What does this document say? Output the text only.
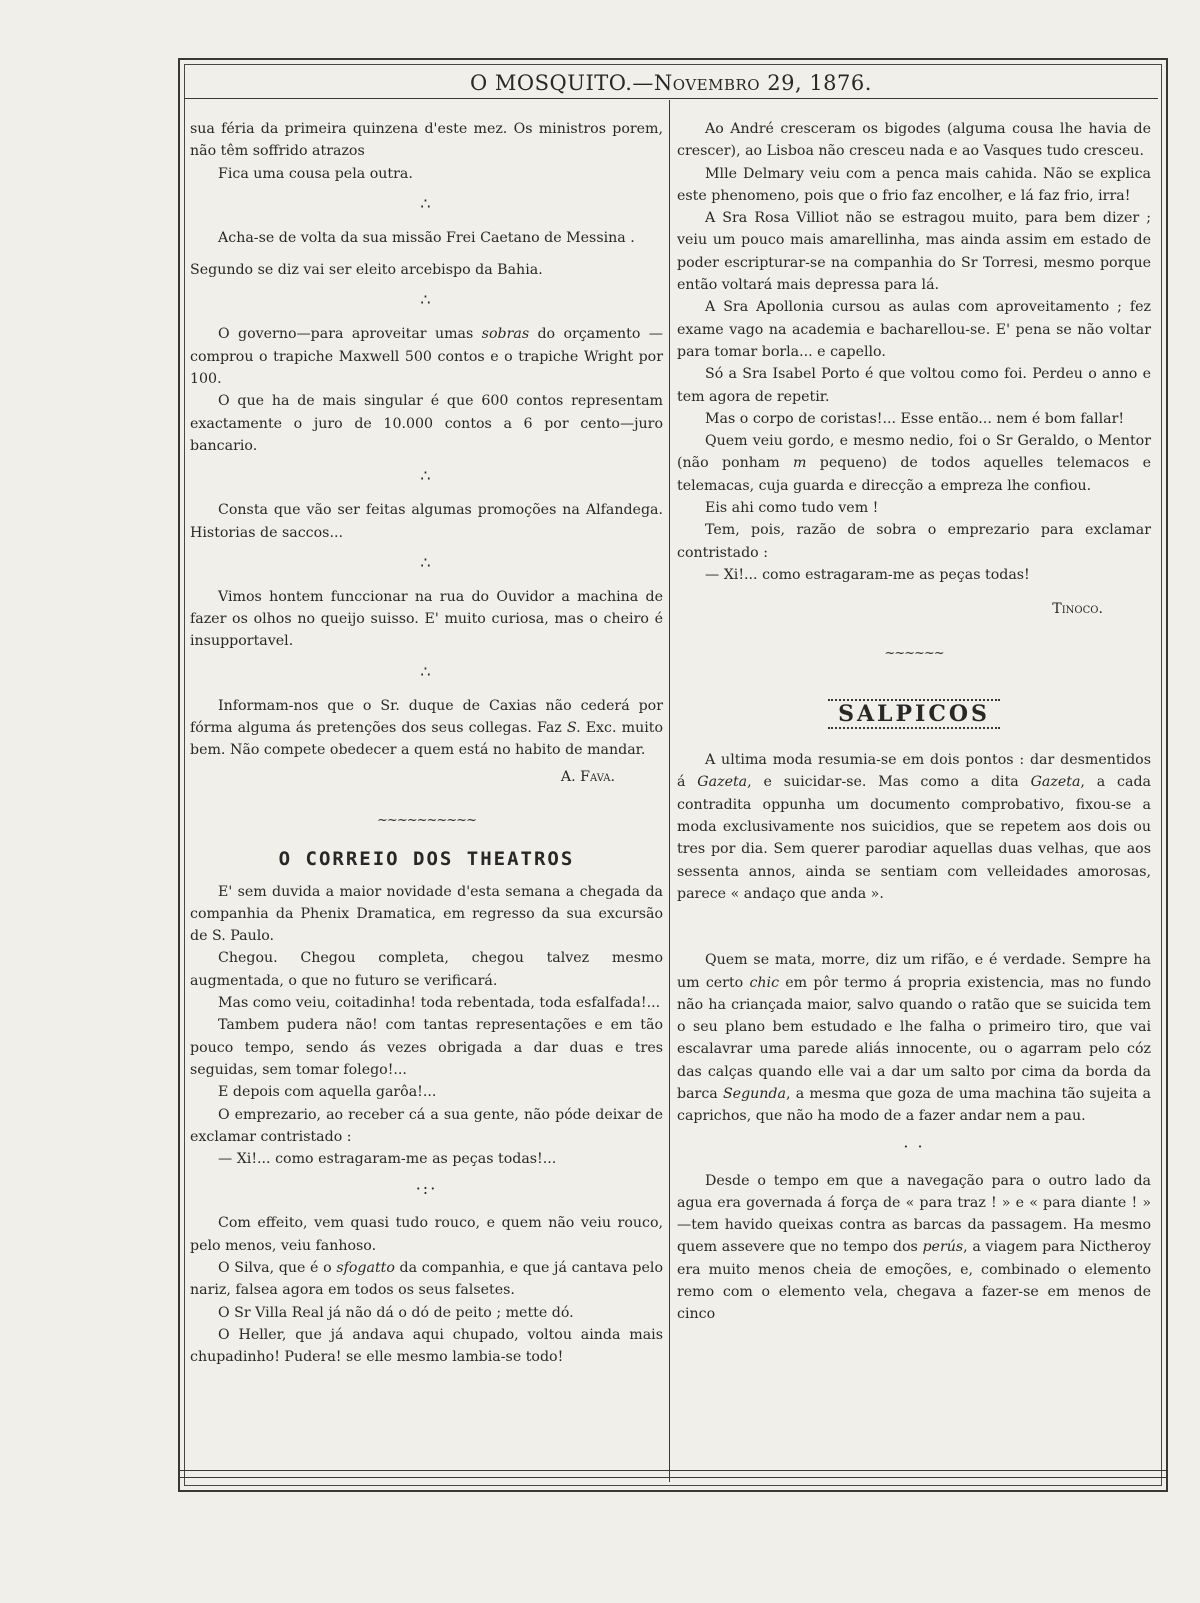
O MOSQUITO.—Novembro 29, 1876.

sua féria da primeira quinzena d'este mez. Os ministros porem, não têm soffrido atrazos

Fica uma cousa pela outra.

∴

Acha-se de volta da sua missão Frei Caetano de Messina .

Segundo se diz vai ser eleito arcebispo da Bahia.

∴

O governo—para aproveitar umas sobras do orçamento — comprou o trapiche Maxwell 500 contos e o trapiche Wright por 100.

O que ha de mais singular é que 600 contos representam exactamente o juro de 10.000 contos a 6 por cento—juro bancario.

∴

Consta que vão ser feitas algumas promoções na Alfandega. Historias de saccos...

∴

Vimos hontem funccionar na rua do Ouvidor a machina de fazer os olhos no queijo suisso. E' muito curiosa, mas o cheiro é insupportavel.

∴

Informam-nos que o Sr. duque de Caxias não cederá por fórma alguma ás pretenções dos seus collegas. Faz S. Exc. muito bem. Não compete obedecer a quem está no habito de mandar.

A. Fava.
~~~~~~~~~~
O CORREIO DOS THEATROS

E' sem duvida a maior novidade d'esta semana a chegada da companhia da Phenix Dramatica, em regresso da sua excursão de S. Paulo.

Chegou. Chegou completa, chegou talvez mesmo augmentada, o que no futuro se verificará.

Mas como veiu, coitadinha! toda rebentada, toda esfalfada!...

Tambem pudera não! com tantas representações e em tão pouco tempo, sendo ás vezes obrigada a dar duas e tres seguidas, sem tomar folego!...

E depois com aquella garôa!...

O emprezario, ao receber cá a sua gente, não póde deixar de exclamar contristado :

— Xi!... como estragaram-me as peças todas!...

·:·

Com effeito, vem quasi tudo rouco, e quem não veiu rouco, pelo menos, veiu fanhoso.

O Silva, que é o sfogatto da companhia, e que já cantava pelo nariz, falsea agora em todos os seus falsetes.

O Sr Villa Real já não dá o dó de peito ; mette dó.

O Heller, que já andava aqui chupado, voltou ainda mais chupadinho! Pudera! se elle mesmo lambia-se todo!

Ao André cresceram os bigodes (alguma cousa lhe havia de crescer), ao Lisboa não cresceu nada e ao Vasques tudo cresceu.

Mlle Delmary veiu com a penca mais cahida. Não se explica este phenomeno, pois que o frio faz encolher, e lá faz frio, irra!

A Sra Rosa Villiot não se estragou muito, para bem dizer ; veiu um pouco mais amarellinha, mas ainda assim em estado de poder escripturar-se na companhia do Sr Torresi, mesmo porque então voltará mais depressa para lá.

A Sra Apollonia cursou as aulas com aproveitamento ; fez exame vago na academia e bacharellou-se. E' pena se não voltar para tomar borla... e capello.

Só a Sra Isabel Porto é que voltou como foi. Perdeu o anno e tem agora de repetir.

Mas o corpo de coristas!... Esse então... nem é bom fallar!

Quem veiu gordo, e mesmo nedio, foi o Sr Geraldo, o Mentor (não ponham m pequeno) de todos aquelles telemacos e telemacas, cuja guarda e direcção a empreza lhe confiou.

Eis ahi como tudo vem !

Tem, pois, razão de sobra o emprezario para exclamar contristado :

— Xi!... como estragaram-me as peças todas!

Tinoco.
~~~~~~
SALPICOS

A ultima moda resumia-se em dois pontos : dar desmentidos á Gazeta, e suicidar-se. Mas como a dita Gazeta, a cada contradita oppunha um documento comprobativo, fixou-se a moda exclusivamente nos suicidios, que se repetem aos dois ou tres por dia. Sem querer parodiar aquellas duas velhas, que aos sessenta annos, ainda se sentiam com velleidades amorosas, parece « andaço que anda ».

Quem se mata, morre, diz um rifão, e é verdade. Sempre ha um certo chic em pôr termo á propria existencia, mas no fundo não ha criançada maior, salvo quando o ratão que se suicida tem o seu plano bem estudado e lhe falha o primeiro tiro, que vai escalavrar uma parede aliás innocente, ou o agarram pelo cóz das calças quando elle vai a dar um salto por cima da borda da barca Segunda, a mesma que goza de uma machina tão sujeita a caprichos, que não ha modo de a fazer andar nem a pau.

· ·

Desde o tempo em que a navegação para o outro lado da agua era governada á força de « para traz ! » e « para diante ! » —tem havido queixas contra as barcas da passagem. Ha mesmo quem assevere que no tempo dos perús, a viagem para Nictheroy era muito menos cheia de emoções, e, combinado o elemento remo com o elemento vela, chegava a fazer-se em menos de cinco
